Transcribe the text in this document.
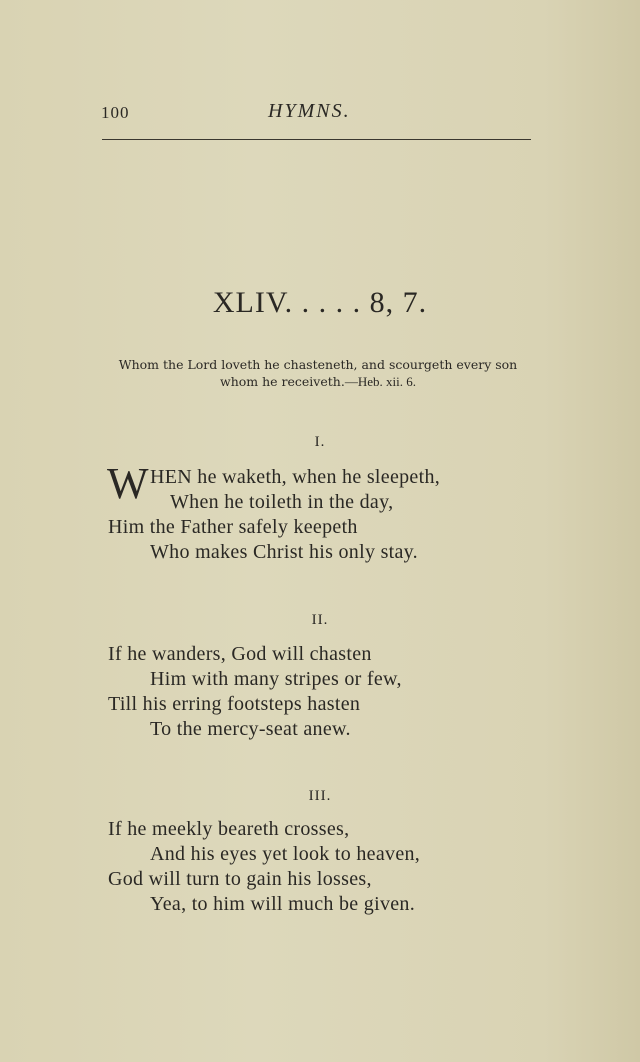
100	HYMNS.
XLIV. . . . . 8, 7.
Whom the Lord loveth he chasteneth, and scourgeth every son
whom he receiveth.—Heb. xii. 6.
I.
W HEN he waketh, when he sleepeth,
When he toileth in the day,
Him the Father safely keepeth
Who makes Christ his only stay.
II.
If he wanders, God will chasten
Him with many stripes or few,
Till his erring footsteps hasten
To the mercy-seat anew.
III.
If he meekly beareth crosses,
And his eyes yet look to heaven,
God will turn to gain his losses,
Yea, to him will much be given.
